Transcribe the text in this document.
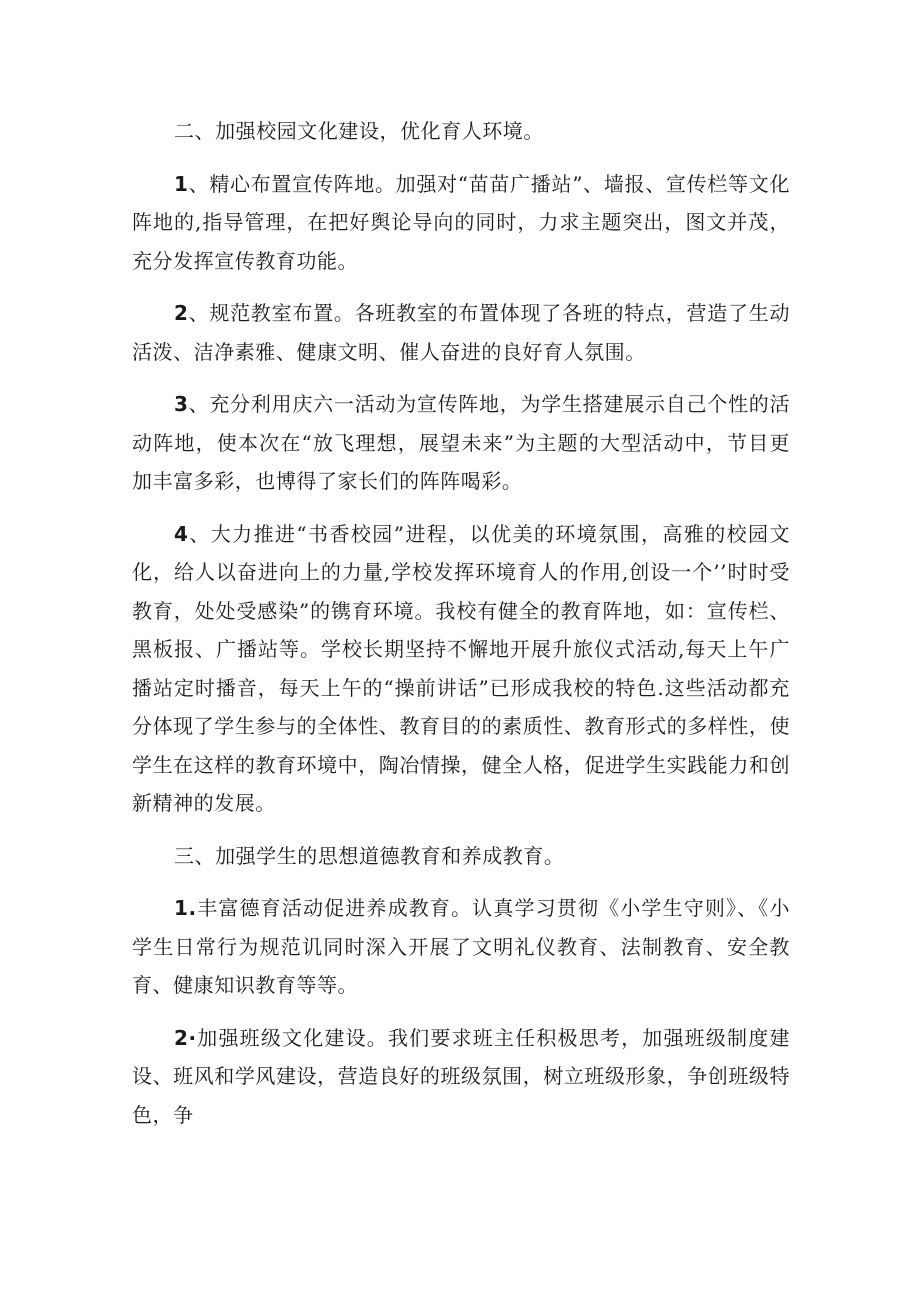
二、加强校园文化建设，优化育人环境。

1、精心布置宣传阵地。加强对“苗苗广播站”、墙报、宣传栏等文化阵地的,指导管理，在把好舆论导向的同时，力求主题突出，图文并茂，充分发挥宣传教育功能。

2、规范教室布置。各班教室的布置体现了各班的特点，营造了生动活泼、洁净素雅、健康文明、催人奋进的良好育人氛围。

3、充分利用庆六一活动为宣传阵地，为学生搭建展示自己个性的活动阵地，使本次在“放飞理想，展望未来”为主题的大型活动中，节目更加丰富多彩，也博得了家长们的阵阵喝彩。

4、大力推进“书香校园”进程，以优美的环境氛围，高雅的校园文化，给人以奋进向上的力量,学校发挥环境育人的作用,创设一个’’时时受教育，处处受感染”的镌育环境。我校有健全的教育阵地，如：宣传栏、黑板报、广播站等。学校长期坚持不懈地开展升旅仪式活动,每天上午广播站定时播音，每天上午的“操前讲话”已形成我校的特色.这些活动都充分体现了学生参与的全体性、教育目的的素质性、教育形式的多样性，使学生在这样的教育环境中，陶冶情操，健全人格，促进学生实践能力和创新精神的发展。

三、加强学生的思想道德教育和养成教育。

1.丰富德育活动促进养成教育。认真学习贯彻《小学生守则》、《小学生日常行为规范讥同时深入开展了文明礼仪教育、法制教育、安全教育、健康知识教育等等。

2·加强班级文化建设。我们要求班主任积极思考，加强班级制度建设、班风和学风建设，营造良好的班级氛围，树立班级形象，争创班级特色，争
